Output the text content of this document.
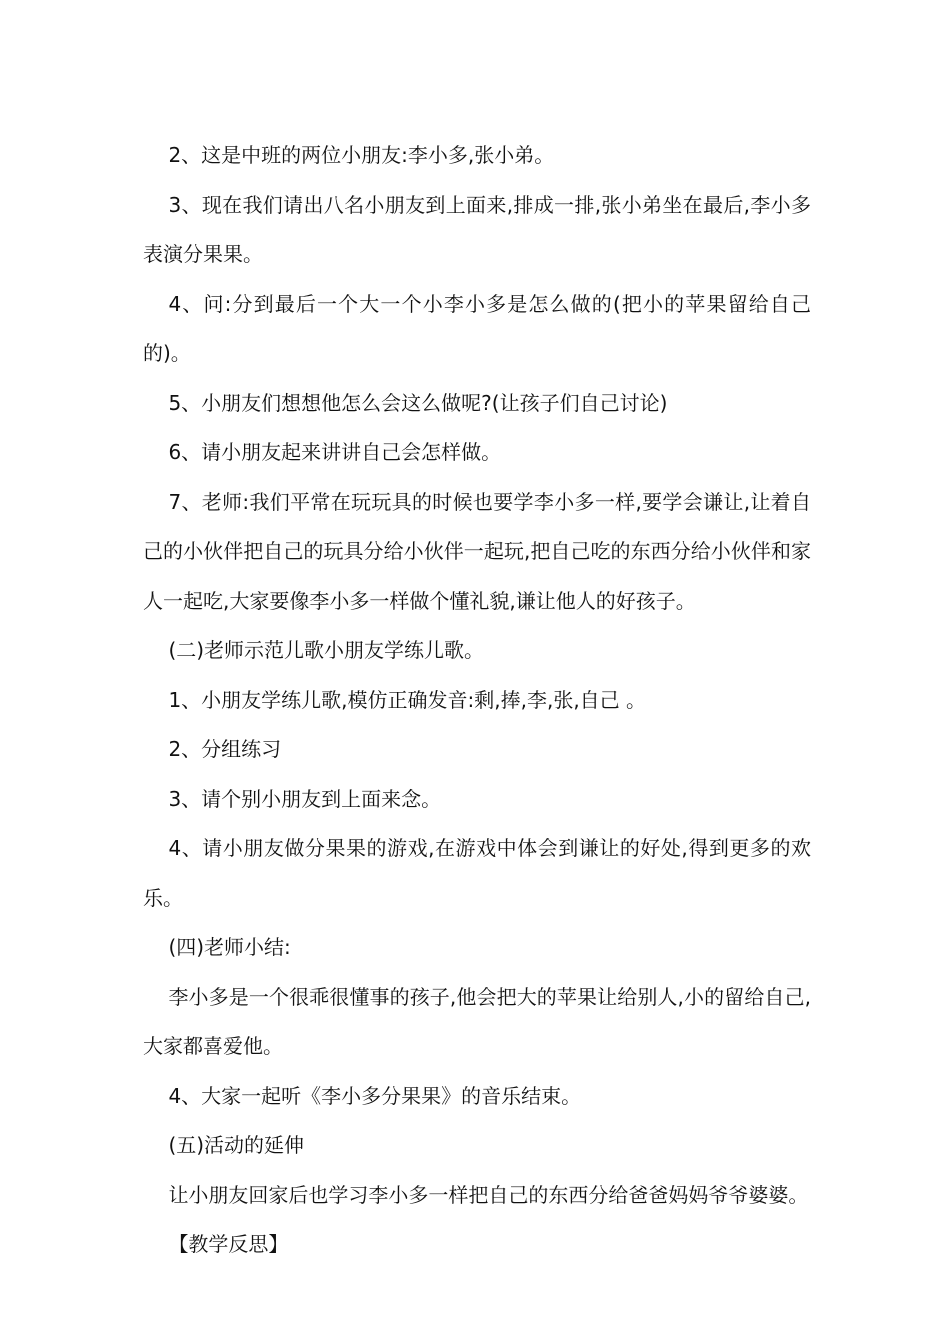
2、这是中班的两位小朋友:李小多,张小弟。

3、现在我们请出八名小朋友到上面来,排成一排,张小弟坐在最后,李小多表演分果果。

4、问:分到最后一个大一个小李小多是怎么做的(把小的苹果留给自己的)。

5、小朋友们想想他怎么会这么做呢?(让孩子们自己讨论)

6、请小朋友起来讲讲自己会怎样做。

7、老师:我们平常在玩玩具的时候也要学李小多一样,要学会谦让,让着自己的小伙伴把自己的玩具分给小伙伴一起玩,把自己吃的东西分给小伙伴和家人一起吃,大家要像李小多一样做个懂礼貌,谦让他人的好孩子。

(二)老师示范儿歌小朋友学练儿歌。

1、小朋友学练儿歌,模仿正确发音:剩,捧,李,张,自己 。

2、分组练习

3、请个别小朋友到上面来念。

4、请小朋友做分果果的游戏,在游戏中体会到谦让的好处,得到更多的欢乐。

(四)老师小结:

李小多是一个很乖很懂事的孩子,他会把大的苹果让给别人,小的留给自己,大家都喜爱他。

4、大家一起听《李小多分果果》的音乐结束。

(五)活动的延伸

让小朋友回家后也学习李小多一样把自己的东西分给爸爸妈妈爷爷婆婆。

【教学反思】
